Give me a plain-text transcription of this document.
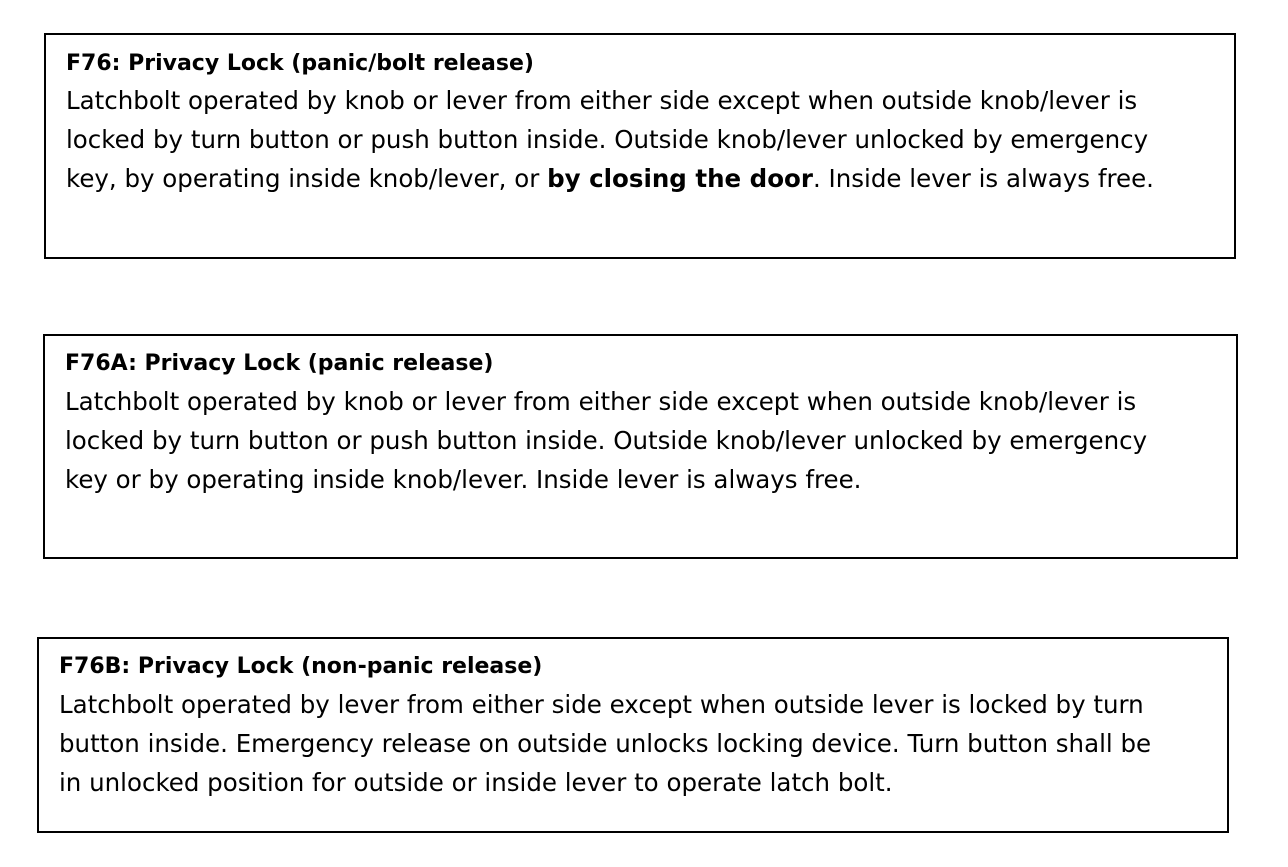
F76: Privacy Lock (panic/bolt release)
Latchbolt operated by knob or lever from either side except when outside knob/lever is
locked by turn button or push button inside. Outside knob/lever unlocked by emergency
key, by operating inside knob/lever, or by closing the door. Inside lever is always free.
F76A: Privacy Lock (panic release)
Latchbolt operated by knob or lever from either side except when outside knob/lever is
locked by turn button or push button inside. Outside knob/lever unlocked by emergency
key or by operating inside knob/lever. Inside lever is always free.
F76B: Privacy Lock (non-panic release)
Latchbolt operated by lever from either side except when outside lever is locked by turn
button inside. Emergency release on outside unlocks locking device. Turn button shall be
in unlocked position for outside or inside lever to operate latch bolt.
